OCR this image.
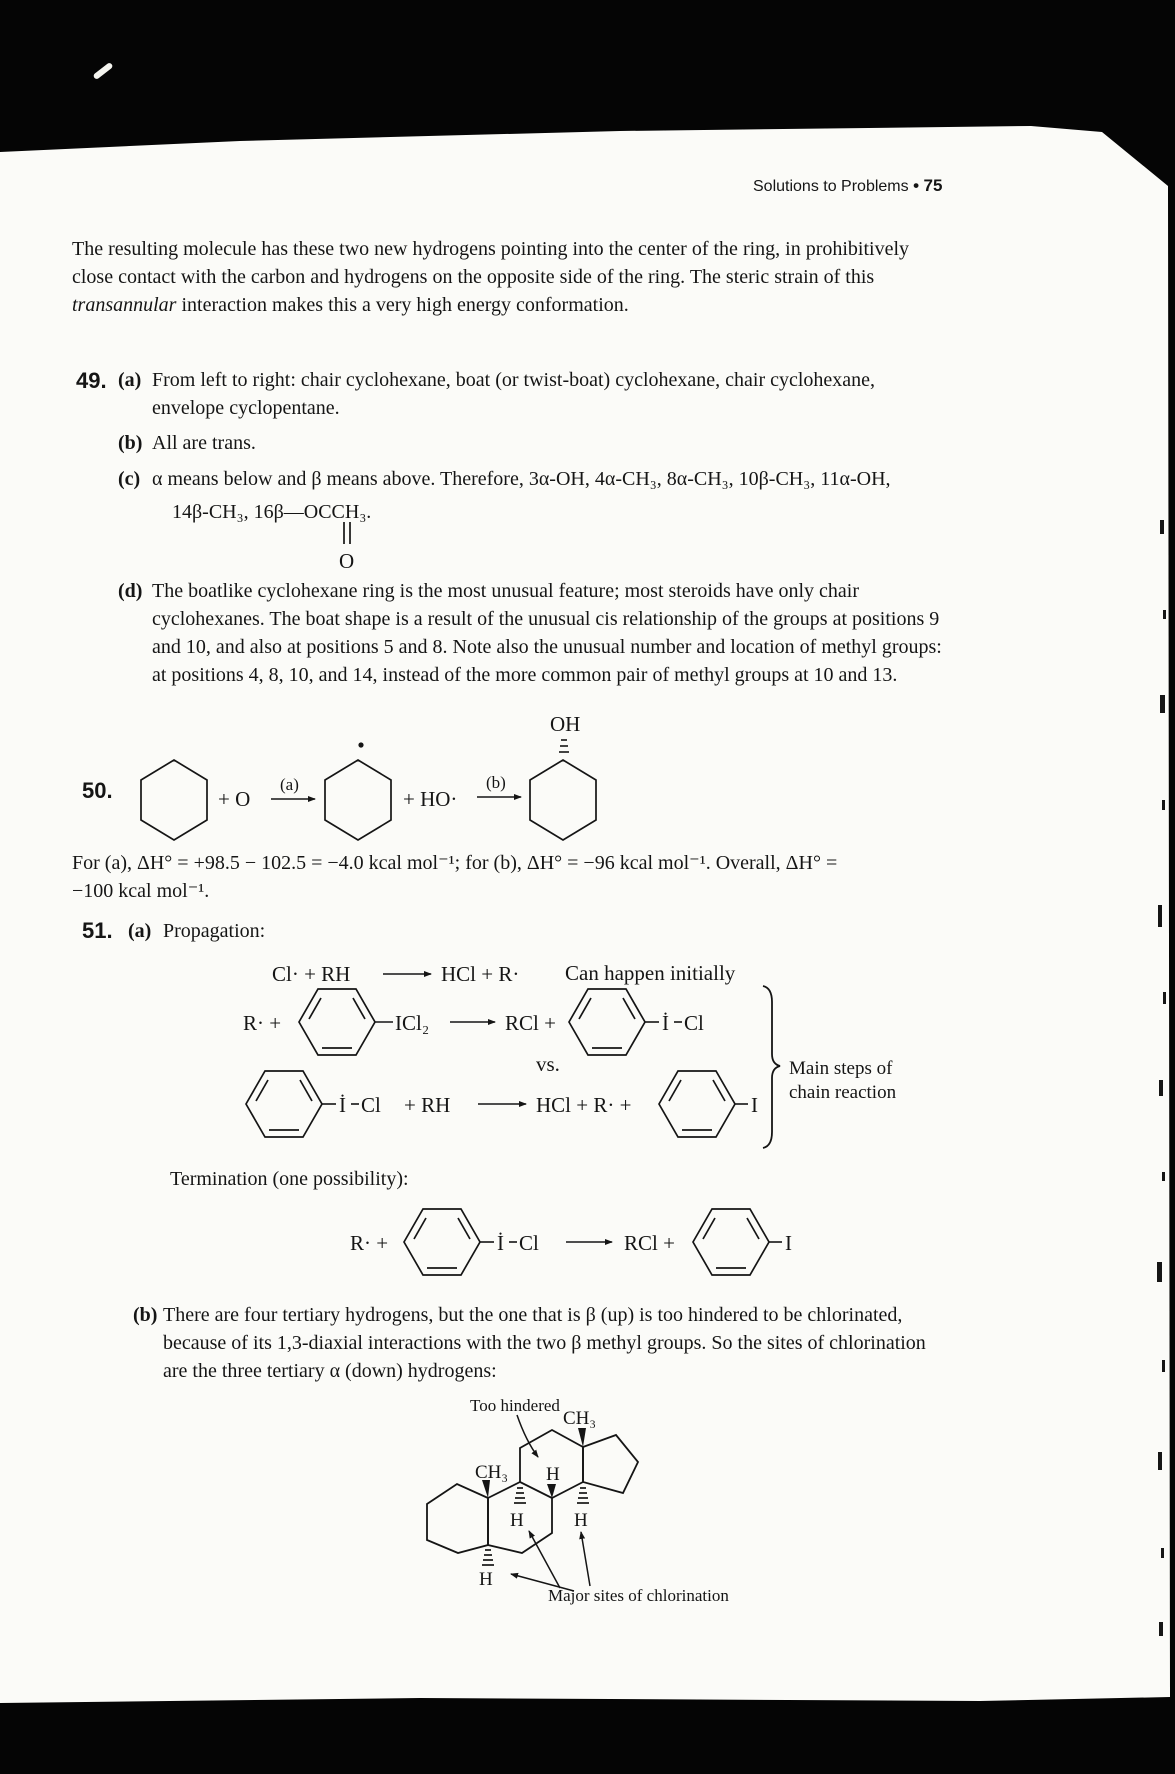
Solutions to Problems • 75
The resulting molecule has these two new hydrogens pointing into the center of the ring, in prohibitively
close contact with the carbon and hydrogens on the opposite side of the ring. The steric strain of this
transannular interaction makes this a very high energy conformation.
49. (a) From left to right: chair cyclohexane, boat (or twist-boat) cyclohexane, chair cyclohexane,
envelope cyclopentane.
(b) All are trans.
(c) α means below and β means above. Therefore, 3α-OH, 4α-CH₃, 8α-CH₃, 10β-CH₃, 11α-OH,
14β-CH₃, 16β—OCCH₃.
O
(d) The boatlike cyclohexane ring is the most unusual feature; most steroids have only chair
cyclohexanes. The boat shape is a result of the unusual cis relationship of the groups at positions 9
and 10, and also at positions 5 and 8. Note also the unusual number and location of methyl groups:
at positions 4, 8, 10, and 14, instead of the more common pair of methyl groups at 10 and 13.
50.	+ O
(a)
+ HO·
(b)
OH
For (a), ΔH° = +98.5 − 102.5 = −4.0 kcal mol⁻¹; for (b), ΔH° = −96 kcal mol⁻¹. Overall, ΔH° =
−100 kcal mol⁻¹.
51. (a) Propagation:
Cl· + RH	HCl + R· Can happen initially
R· +	ICl₂	RCl +	İ Cl
vs.
İ Cl + RH	HCl + R· +	I
Main steps of
chain reaction
Termination (one possibility):
R· +	İ Cl	RCl +	I
(b) There are four tertiary hydrogens, but the one that is β (up) is too hindered to be chlorinated,
because of its 1,3-diaxial interactions with the two β methyl groups. So the sites of chlorination
are the three tertiary α (down) hydrogens:
CH₃
CH₃
H
H	H
H
Too hindered
Major sites of chlorination
